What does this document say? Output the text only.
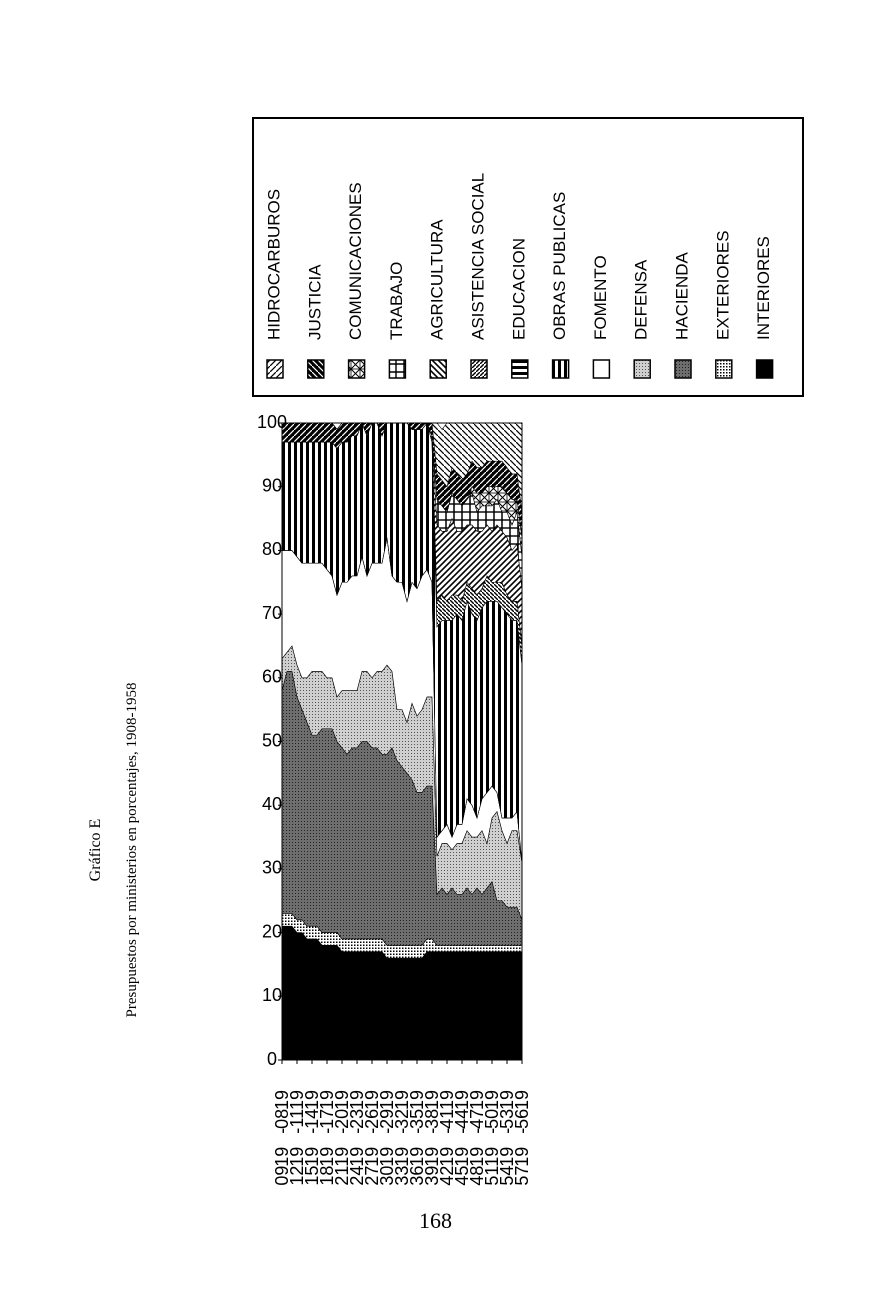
Gráfico E Presupuestos por ministerios en porcentajes, 1908-1958
0
10
20
30
40
50
60
70
80
90
100
1908-1909
1911-1912
1914-1915
1917-1918
1920-1921
1923-1924
1926-1927
1929-1930
1932-1933
1935-1936
1938-1939
1941-1942
1944-1945
1947-1948
1950-1951
1953-1954
1956-1957
HIDROCARBUROS JUSTICIA COMUNICACIONES TRABAJO AGRICULTURA ASISTENCIA SOCIAL EDUCACION OBRAS PUBLICAS FOMENTO DEFENSA HACIENDA EXTERIORES INTERIORES
168
